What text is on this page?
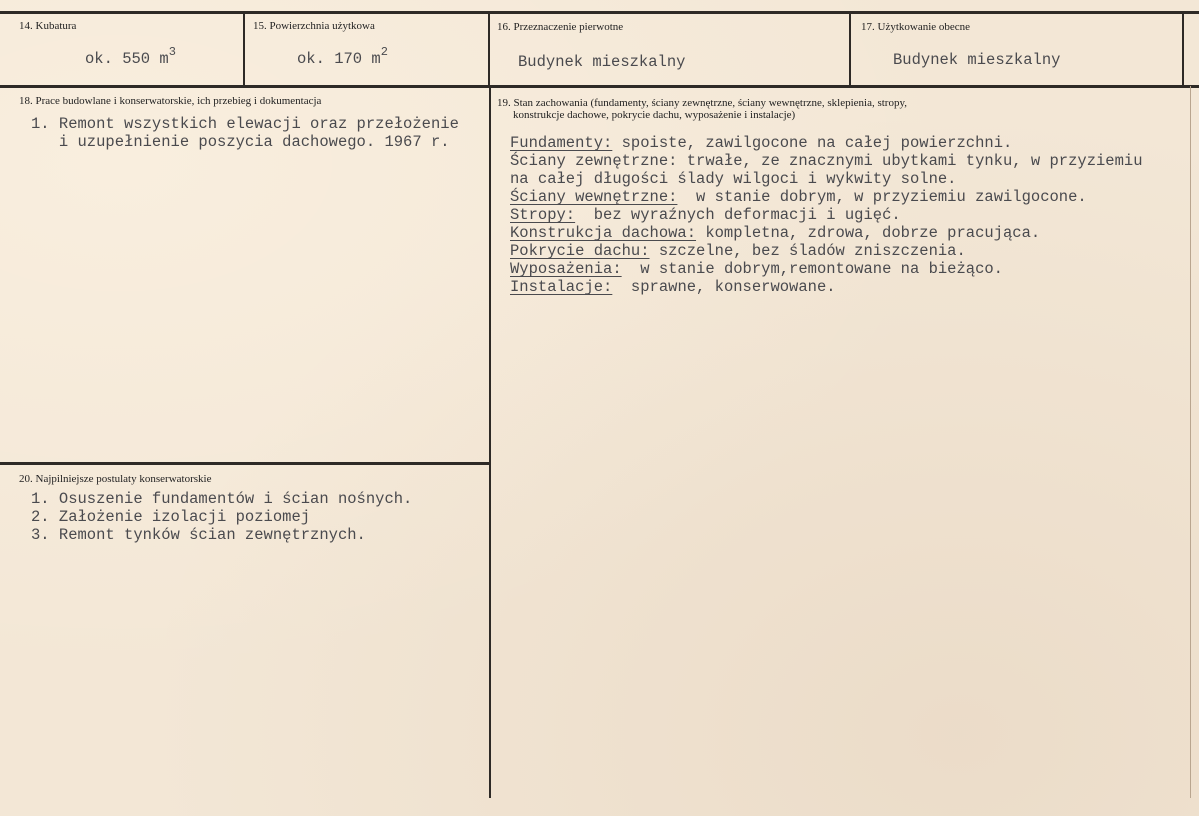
14. Kubatura
ok. 550 $m^3$
15. Powierzchnia użytkowa
ok. 170 $m^2$
16. Przeznaczenie pierwotne
Budynek mieszkalny
17. Użytkowanie obecne
Budynek mieszkalny
18. Prace budowlane i konserwatorskie, ich przebieg i dokumentacja
1. Remont wszystkich elewacji oraz przełożenie
i uzupełnienie poszycia dachowego. 1967 r.
19. Stan zachowania (fundamenty, ściany zewnętrzne, ściany wewnętrzne, sklepienia, stropy,
konstrukcje dachowe, pokrycie dachu, wyposażenie i instalacje)
Fundamenty: spoiste, zawilgocone na całej powierzchni.
Ściany zewnętrzne: trwałe, ze znacznymi ubytkami tynku, w przyziemiu
na całej długości ślady wilgoci i wykwity solne.
Ściany wewnętrzne:  w stanie dobrym, w przyziemiu zawilgocone.
Stropy:  bez wyraźnych deformacji i ugięć.
Konstrukcja dachowa: kompletna, zdrowa, dobrze pracująca.
Pokrycie dachu: szczelne, bez śladów zniszczenia.
Wyposażenia:  w stanie dobrym,remontowane na bieżąco.
Instalacje:  sprawne, konserwowane.
20. Najpilniejsze postulaty konserwatorskie
1. Osuszenie fundamentów i ścian nośnych.
2. Założenie izolacji poziomej
3. Remont tynków ścian zewnętrznych.
